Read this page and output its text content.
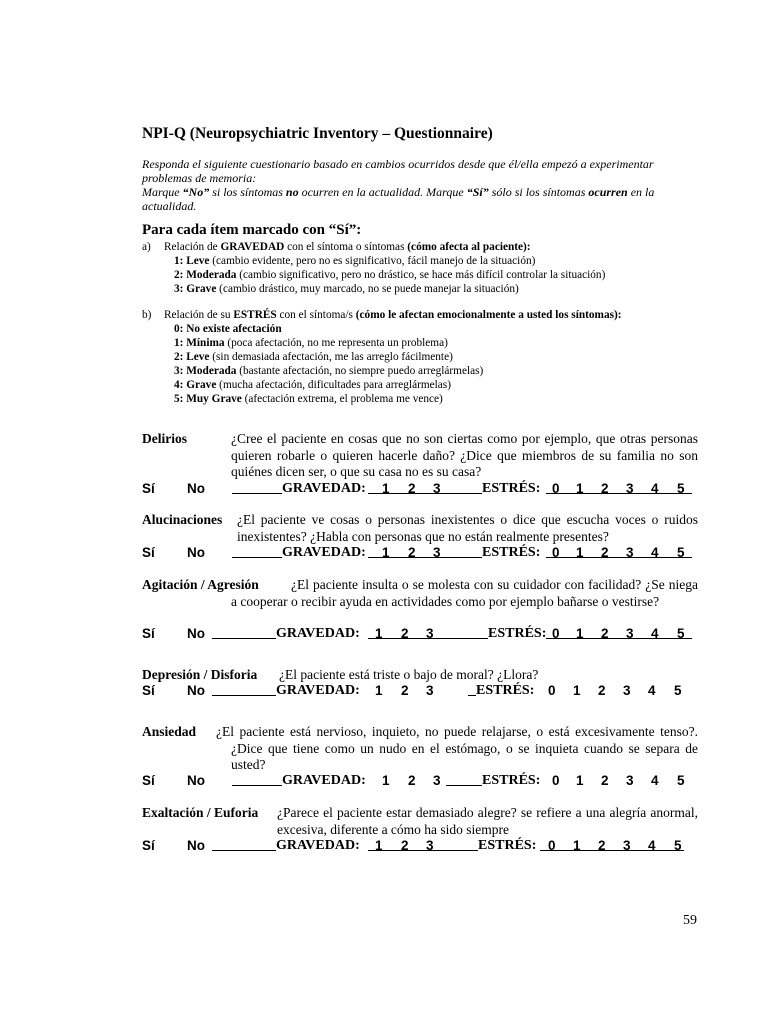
NPI-Q (Neuropsychiatric Inventory – Questionnaire)
Responda el siguiente cuestionario basado en cambios ocurridos desde que él/ella empezó a experimentar problemas de memoria:
Marque “No” si los síntomas no ocurren en la actualidad. Marque “Sí” sólo si los síntomas ocurren en la actualidad.
Para cada ítem marcado con “Sí”:
a) Relación de GRAVEDAD con el síntoma o síntomas (cómo afecta al paciente):
1: Leve (cambio evidente, pero no es significativo, fácil manejo de la situación)
2: Moderada (cambio significativo, pero no drástico, se hace más difícil controlar la situación)
3: Grave (cambio drástico, muy marcado, no se puede manejar la situación)
b) Relación de su ESTRÉS con el síntoma/s (cómo le afectan emocionalmente a usted los síntomas):
0: No existe afectación
1: Mínima (poca afectación, no me representa un problema)
2: Leve (sin demasiada afectación, me las arreglo fácilmente)
3: Moderada (bastante afectación, no siempre puedo arreglármelas)
4: Grave (mucha afectación, dificultades para arreglármelas)
5: Muy Grave (afectación extrema, el problema me vence)
Delirios	¿Cree el paciente en cosas que no son ciertas como por ejemplo, que otras personas quieren robarle o quieren hacerle daño? ¿Dice que miembros de su familia no son quiénes dicen ser, o que su casa no es su casa?
Sí No	GRAVEDAD: 1 2 3	ESTRÉS: 0 1 2 3 4 5
Alucinaciones ¿El paciente ve cosas o personas inexistentes o dice que escucha voces o ruidos inexistentes? ¿Habla con personas que no están realmente presentes?
Sí No	GRAVEDAD: 1 2 3	ESTRÉS: 0 1 2 3 4 5
Agitación / Agresión	¿El paciente insulta o se molesta con su cuidador con facilidad? ¿Se niega a cooperar o recibir ayuda en actividades como por ejemplo bañarse o vestirse?
Sí No	GRAVEDAD: 1 2 3	ESTRÉS: 0 1 2 3 4 5
Depresión / Disforia ¿El paciente está triste o bajo de moral? ¿Llora?
Sí No	GRAVEDAD: 1 2 3	ESTRÉS: 0 1 2 3 4 5
Ansiedad ¿El paciente está nervioso, inquieto, no puede relajarse, o está excesivamente tenso?. ¿Dice que tiene como un nudo en el estómago, o se inquieta cuando se separa de usted?
Sí No	GRAVEDAD: 1 2 3	ESTRÉS: 0 1 2 3 4 5
Exaltación / Euforia ¿Parece el paciente estar demasiado alegre? se refiere a una alegría anormal, excesiva, diferente a cómo ha sido siempre
Sí No	GRAVEDAD: 1 2 3	ESTRÉS: 0 1 2 3 4 5
59
